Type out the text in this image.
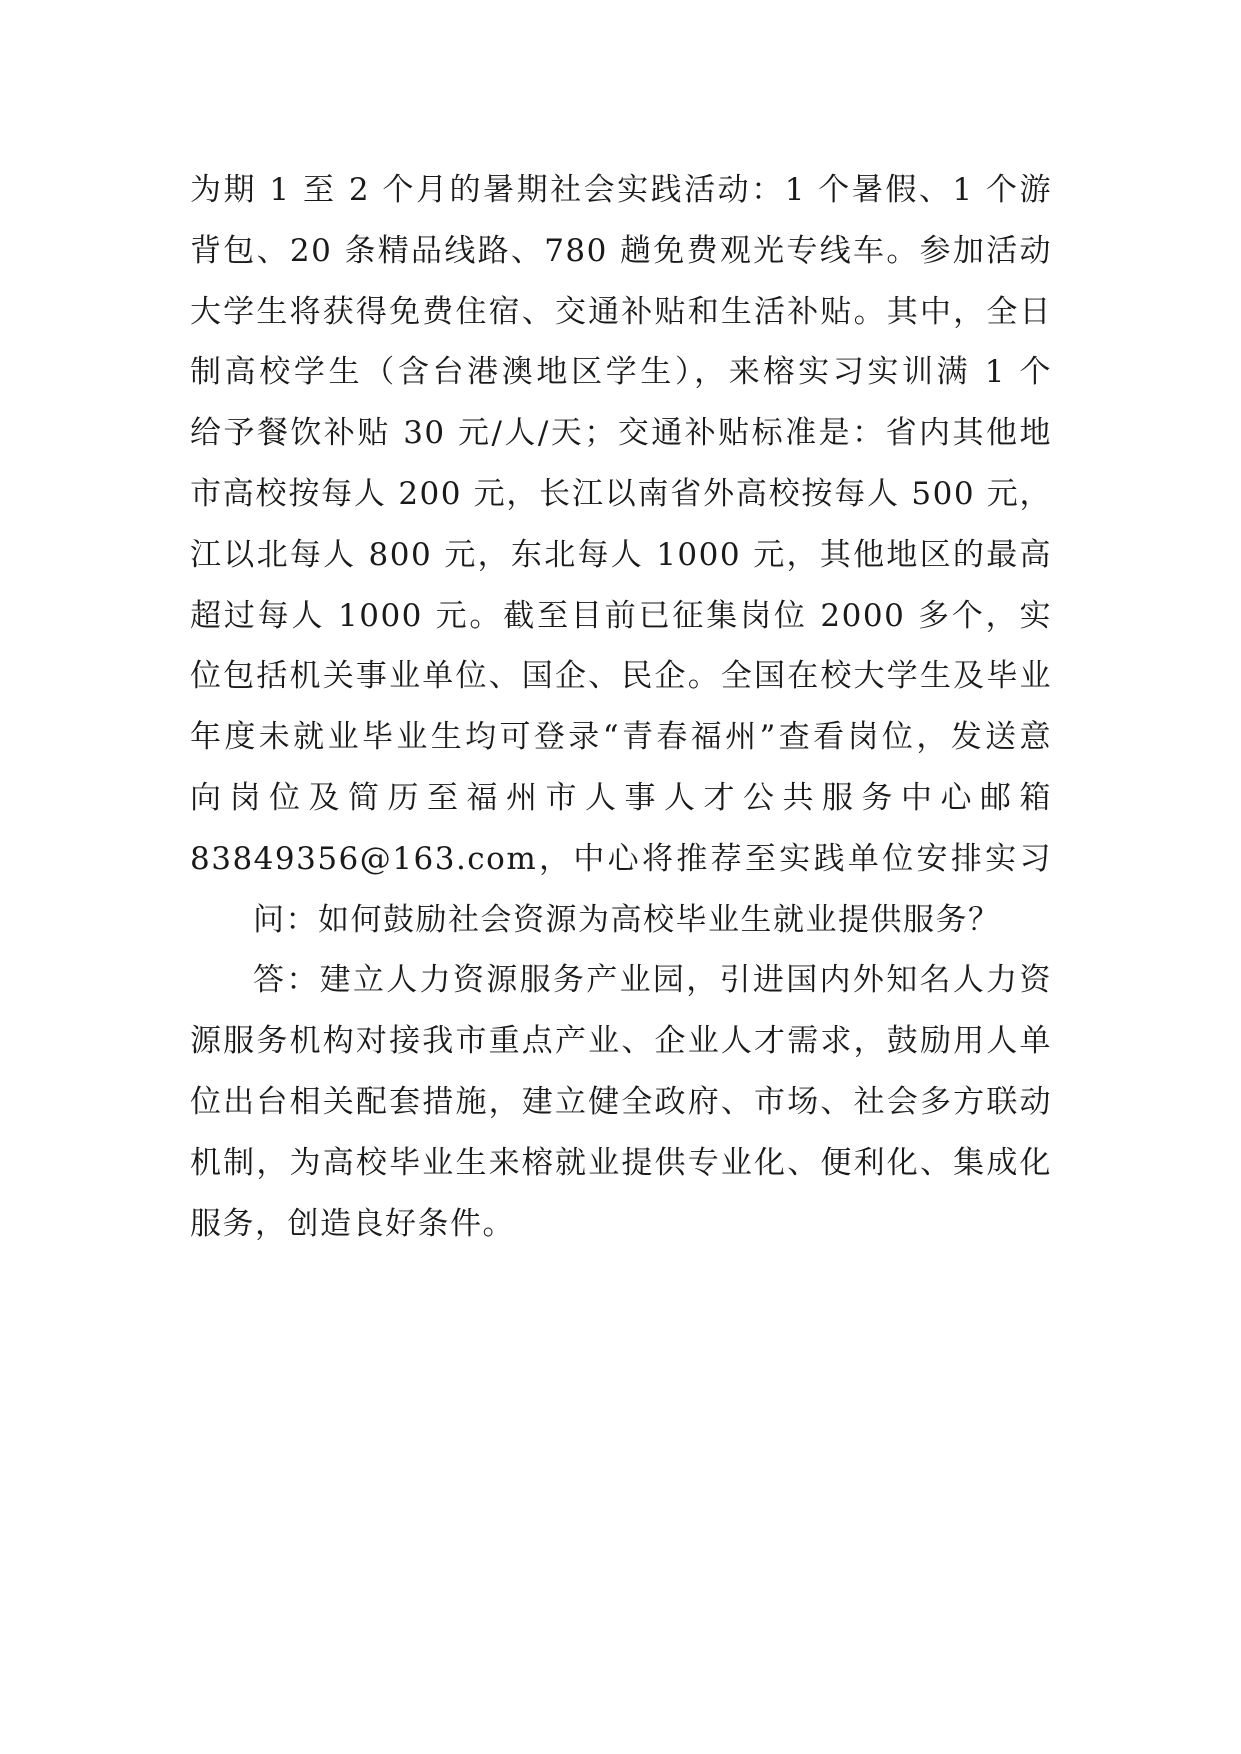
为期 1 至 2 个月的暑期社会实践活动：1 个暑假、1 个游
背包、20 条精品线路、780 趟免费观光专线车。参加活动
大学生将获得免费住宿、交通补贴和生活补贴。其中，全日
制高校学生（含台港澳地区学生），来榕实习实训满 1 个
给予餐饮补贴 30 元/人/天；交通补贴标准是：省内其他地
市高校按每人 200 元，长江以南省外高校按每人 500 元，
江以北每人 800 元，东北每人 1000 元，其他地区的最高
超过每人 1000 元。截至目前已征集岗位 2000 多个，实
位包括机关事业单位、国企、民企。全国在校大学生及毕业
年度未就业毕业生均可登录“青春福州”查看岗位，发送意
向岗位及简历至福州市人事人才公共服务中心邮箱
83849356@163.com，中心将推荐至实践单位安排实习
问：如何鼓励社会资源为高校毕业生就业提供服务？
答：建立人力资源服务产业园，引进国内外知名人力资
源服务机构对接我市重点产业、企业人才需求，鼓励用人单
位出台相关配套措施，建立健全政府、市场、社会多方联动
机制，为高校毕业生来榕就业提供专业化、便利化、集成化
服务，创造良好条件。
